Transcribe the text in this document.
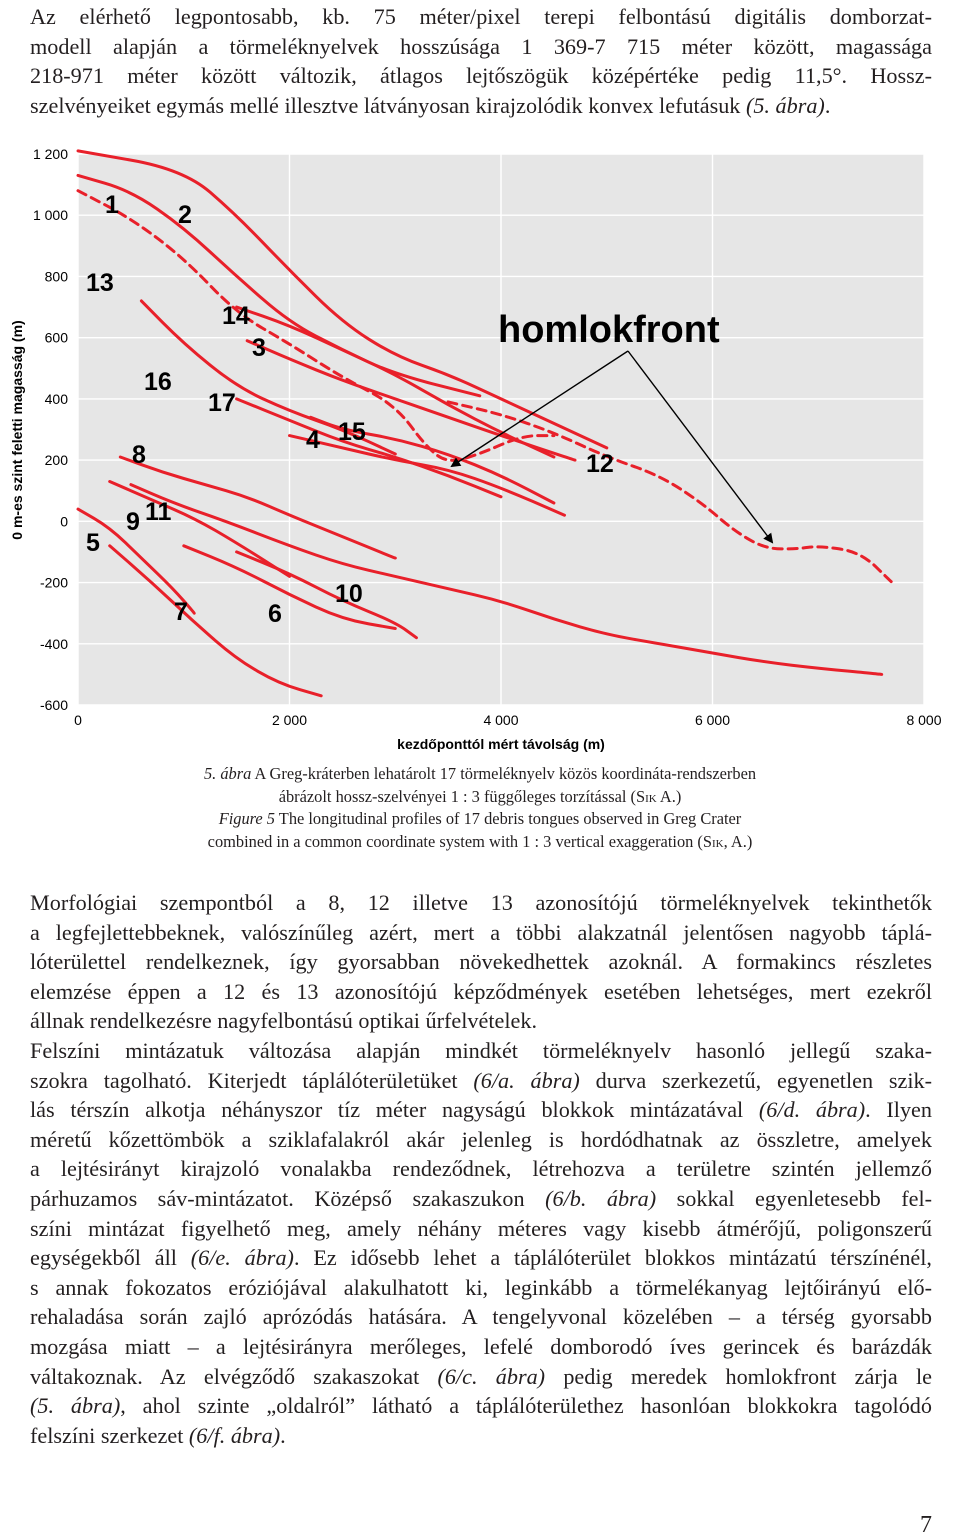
Az elérhető legpontosabb, kb. 75 méter/pixel terepi felbontású digitális domborzat-
modell alapján a törmeléknyelvek hosszúsága 1 369-7 715 méter között, magassága
218-971 méter között változik, átlagos lejtőszögük középértéke pedig 11,5°. Hossz-
szelvényeiket egymás mellé illesztve látványosan kirajzolódik konvex lefutásuk (5. ábra).
1 200
1 000
800
600
400
200
0
-200
-400
-600
0	2 000	4 000	6 000	8 000
0 m-es szint feletti magasság (m)
kezdőponttól mért távolság (m)
1 2
13
12
14
3
16
17
4 15
8
9 11
5
7	6
10
homlokfront
5. ábra A Greg-kráterben lehatárolt 17 törmeléknyelv közös koordináta-rendszerben
ábrázolt hossz-szelvényei 1 : 3 függőleges torzítással (Sik A.)
Figure 5 The longitudinal profiles of 17 debris tongues observed in Greg Crater
combined in a common coordinate system with 1 : 3 vertical exaggeration (Sik, A.)
Morfológiai szempontból a 8, 12 illetve 13 azonosítójú törmeléknyelvek tekinthetők
a legfejlettebbeknek, valószínűleg azért, mert a többi alakzatnál jelentősen nagyobb táplá-
lóterülettel rendelkeznek, így gyorsabban növekedhettek azoknál. A formakincs részletes
elemzése éppen a 12 és 13 azonosítójú képződmények esetében lehetséges, mert ezekről
állnak rendelkezésre nagyfelbontású optikai űrfelvételek.
Felszíni mintázatuk változása alapján mindkét törmeléknyelv hasonló jellegű szaka-
szokra tagolható. Kiterjedt táplálóterületüket (6/a. ábra) durva szerkezetű, egyenetlen szik-
lás térszín alkotja néhányszor tíz méter nagyságú blokkok mintázatával (6/d. ábra). Ilyen
méretű kőzettömbök a sziklafalakról akár jelenleg is hordódhatnak az összletre, amelyek
a lejtésirányt kirajzoló vonalakba rendeződnek, létrehozva a területre szintén jellemző
párhuzamos sáv-mintázatot. Középső szakaszukon (6/b. ábra) sokkal egyenletesebb fel-
színi mintázat figyelhető meg, amely néhány méteres vagy kisebb átmérőjű, poligonszerű
egységekből áll (6/e. ábra). Ez idősebb lehet a táplálóterület blokkos mintázatú térszínénél,
s annak fokozatos eróziójával alakulhatott ki, leginkább a törmelékanyag lejtőirányú elő-
rehaladása során zajló aprózódás hatására. A tengelyvonal közelében – a térség gyorsabb
mozgása miatt – a lejtésirányra merőleges, lefelé domborodó íves gerincek és barázdák
váltakoznak. Az elvégződő szakaszokat (6/c. ábra) pedig meredek homlokfront zárja le
(5. ábra), ahol szinte „oldalról” látható a táplálóterülethez hasonlóan blokkokra tagolódó
felszíni szerkezet (6/f. ábra).
7
